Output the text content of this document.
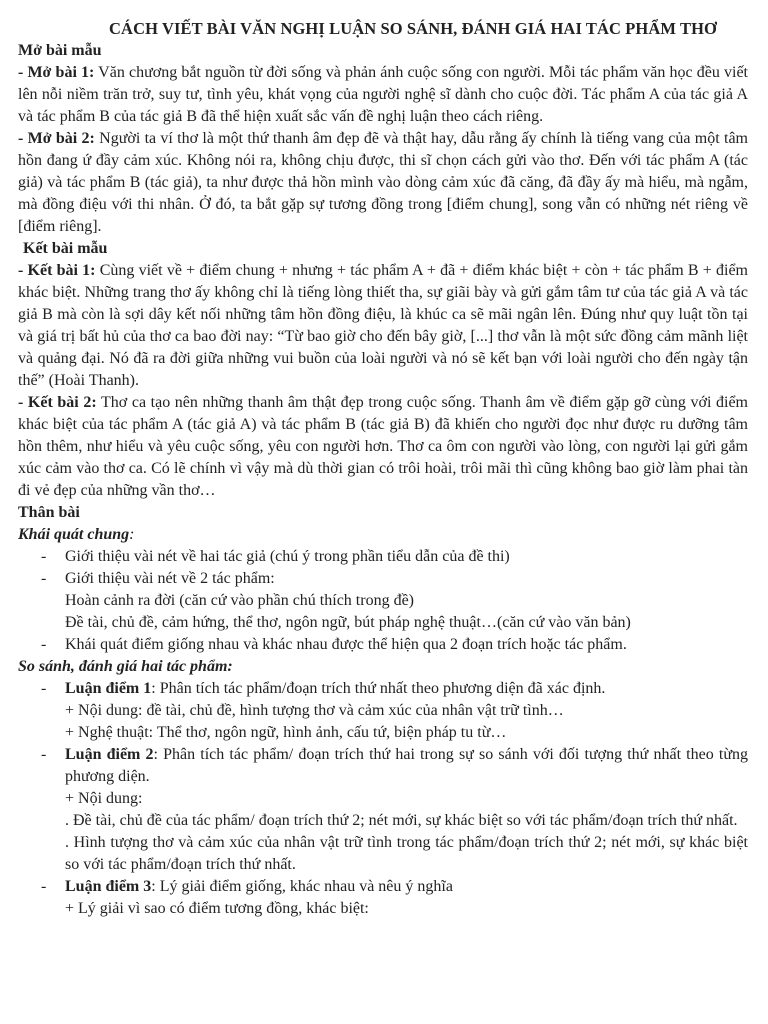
CÁCH VIẾT BÀI VĂN NGHỊ LUẬN SO SÁNH, ĐÁNH GIÁ HAI TÁC PHẨM THƠ

Mở bài mẫu

- Mở bài 1: Văn chương bắt nguồn từ đời sống và phản ánh cuộc sống con người. Mỗi tác phẩm văn học đều viết lên nỗi niềm trăn trở, suy tư, tình yêu, khát vọng của người nghệ sĩ dành cho cuộc đời. Tác phẩm A của tác giả A và tác phẩm B của tác giả B đã thể hiện xuất sắc vấn đề nghị luận theo cách riêng.

- Mở bài 2: Người ta ví thơ là một thứ thanh âm đẹp đẽ và thật hay, dẫu rằng ấy chính là tiếng vang của một tâm hồn đang ứ đầy cảm xúc. Không nói ra, không chịu được, thi sĩ chọn cách gửi vào thơ. Đến với tác phẩm A (tác giả) và tác phẩm B (tác giả), ta như được thả hồn mình vào dòng cảm xúc đã căng, đã đầy ấy mà hiểu, mà ngẫm, mà đồng điệu với thi nhân. Ở đó, ta bắt gặp sự tương đồng trong [điểm chung], song vẫn có những nét riêng về [điểm riêng].

Kết bài mẫu

- Kết bài 1: Cùng viết về + điểm chung + nhưng + tác phẩm A + đã + điểm khác biệt + còn + tác phẩm B + điểm khác biệt. Những trang thơ ấy không chỉ là tiếng lòng thiết tha, sự giãi bày và gửi gắm tâm tư của tác giả A và tác giả B mà còn là sợi dây kết nối những tâm hồn đồng điệu, là khúc ca sẽ mãi ngân lên. Đúng như quy luật tồn tại và giá trị bất hủ của thơ ca bao đời nay: “Từ bao giờ cho đến bây giờ, [...] thơ vẫn là một sức đồng cảm mãnh liệt và quảng đại. Nó đã ra đời giữa những vui buồn của loài người và nó sẽ kết bạn với loài người cho đến ngày tận thế” (Hoài Thanh).

- Kết bài 2: Thơ ca tạo nên những thanh âm thật đẹp trong cuộc sống. Thanh âm về điểm gặp gỡ cùng với điểm khác biệt của tác phẩm A (tác giả A) và tác phẩm B (tác giả B) đã khiến cho người đọc như được ru dưỡng tâm hồn thêm, như hiểu và yêu cuộc sống, yêu con người hơn. Thơ ca ôm con người vào lòng, con người lại gửi gắm xúc cảm vào thơ ca. Có lẽ chính vì vậy mà dù thời gian có trôi hoài, trôi mãi thì cũng không bao giờ làm phai tàn đi vẻ đẹp của những vần thơ…

Thân bài

Khái quát chung:

- Giới thiệu vài nét về hai tác giả (chú ý trong phần tiểu dẫn của đề thi)
- Giới thiệu vài nét về 2 tác phẩm:
Hoàn cảnh ra đời (căn cứ vào phần chú thích trong đề)
Đề tài, chủ đề, cảm hứng, thể thơ, ngôn ngữ, bút pháp nghệ thuật…(căn cứ vào văn bản)
- Khái quát điểm giống nhau và khác nhau được thể hiện qua 2 đoạn trích hoặc tác phẩm.

So sánh, đánh giá hai tác phẩm:

- Luận điểm 1: Phân tích tác phẩm/đoạn trích thứ nhất theo phương diện đã xác định.
+ Nội dung: đề tài, chủ đề, hình tượng thơ và cảm xúc của nhân vật trữ tình…
+ Nghệ thuật: Thể thơ, ngôn ngữ, hình ảnh, cấu tứ, biện pháp tu từ…
- Luận điểm 2: Phân tích tác phẩm/ đoạn trích thứ hai trong sự so sánh với đối tượng thứ nhất theo từng phương diện.
+ Nội dung:
. Đề tài, chủ đề của tác phẩm/ đoạn trích thứ 2; nét mới, sự khác biệt so với tác phẩm/đoạn trích thứ nhất.
. Hình tượng thơ và cảm xúc của nhân vật trữ tình trong tác phẩm/đoạn trích thứ 2; nét mới, sự khác biệt so với tác phẩm/đoạn trích thứ nhất.
- Luận điểm 3: Lý giải điểm giống, khác nhau và nêu ý nghĩa
+ Lý giải vì sao có điểm tương đồng, khác biệt:
